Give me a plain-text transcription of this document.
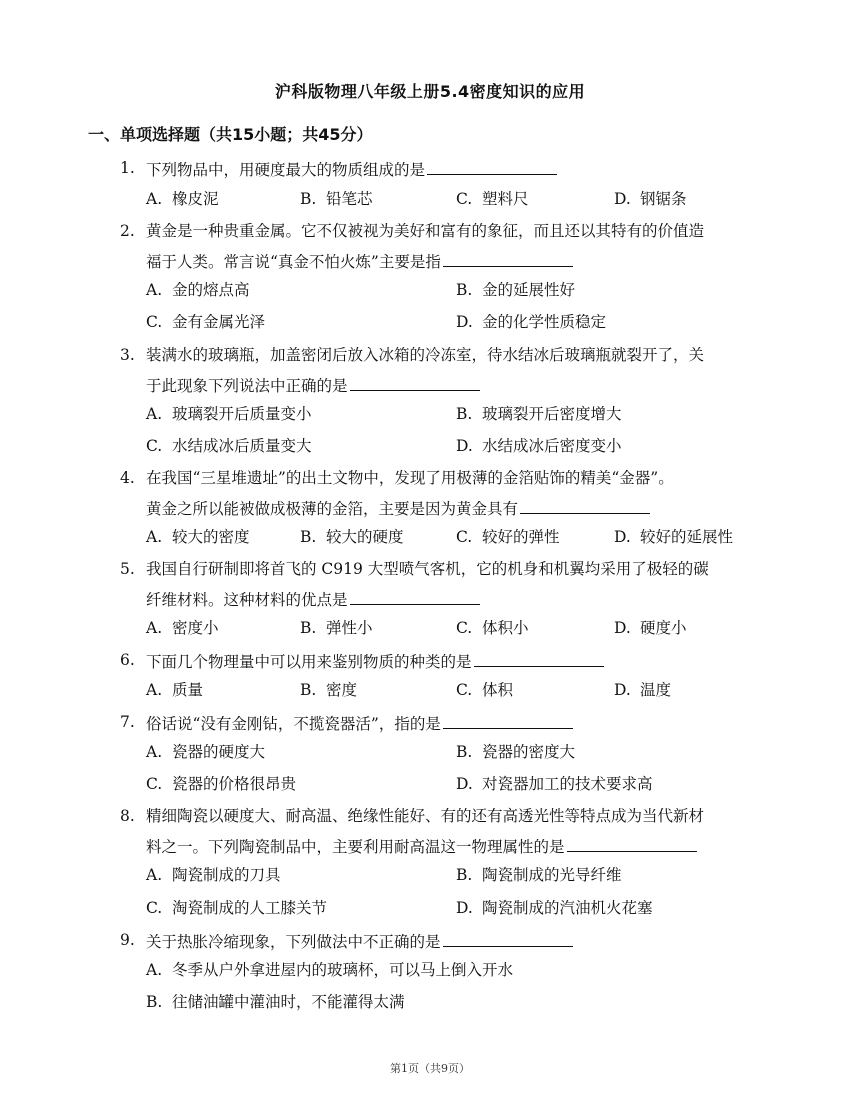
沪科版物理八年级上册5.4密度知识的应用
一、单项选择题（共15小题；共45分）
1. 下列物品中，用硬度最大的物质组成的是
A. 橡皮泥	B. 铅笔芯	C. 塑料尺	D. 钢锯条
2. 黄金是一种贵重金属。它不仅被视为美好和富有的象征，而且还以其特有的价值造
福于人类。常言说“真金不怕火炼”主要是指
A. 金的熔点高	B. 金的延展性好
C. 金有金属光泽	D. 金的化学性质稳定
3. 装满水的玻璃瓶，加盖密闭后放入冰箱的冷冻室，待水结冰后玻璃瓶就裂开了，关
于此现象下列说法中正确的是
A. 玻璃裂开后质量变小	B. 玻璃裂开后密度增大
C. 水结成冰后质量变大	D. 水结成冰后密度变小
4. 在我国“三星堆遗址”的出土文物中，发现了用极薄的金箔贴饰的精美“金器”。
黄金之所以能被做成极薄的金箔，主要是因为黄金具有
A. 较大的密度	B. 较大的硬度	C. 较好的弹性	D. 较好的延展性
5. 我国自行研制即将首飞的 C919 大型喷气客机，它的机身和机翼均采用了极轻的碳
纤维材料。这种材料的优点是
A. 密度小	B. 弹性小	C. 体积小	D. 硬度小
6. 下面几个物理量中可以用来鉴别物质的种类的是
A. 质量	B. 密度	C. 体积	D. 温度
7. 俗话说“没有金刚钻，不揽瓷器活”，指的是
A. 瓷器的硬度大	B. 瓷器的密度大
C. 瓷器的价格很昂贵	D. 对瓷器加工的技术要求高
8. 精细陶瓷以硬度大、耐高温、绝缘性能好、有的还有高透光性等特点成为当代新材
料之一。下列陶瓷制品中，主要利用耐高温这一物理属性的是
A. 陶瓷制成的刀具	B. 陶瓷制成的光导纤维
C. 淘瓷制成的人工膝关节	D. 陶瓷制成的汽油机火花塞
9. 关于热胀冷缩现象，下列做法中不正确的是
A. 冬季从户外拿进屋内的玻璃杯，可以马上倒入开水
B. 往储油罐中灌油时，不能灌得太满
第1页（共9页）
